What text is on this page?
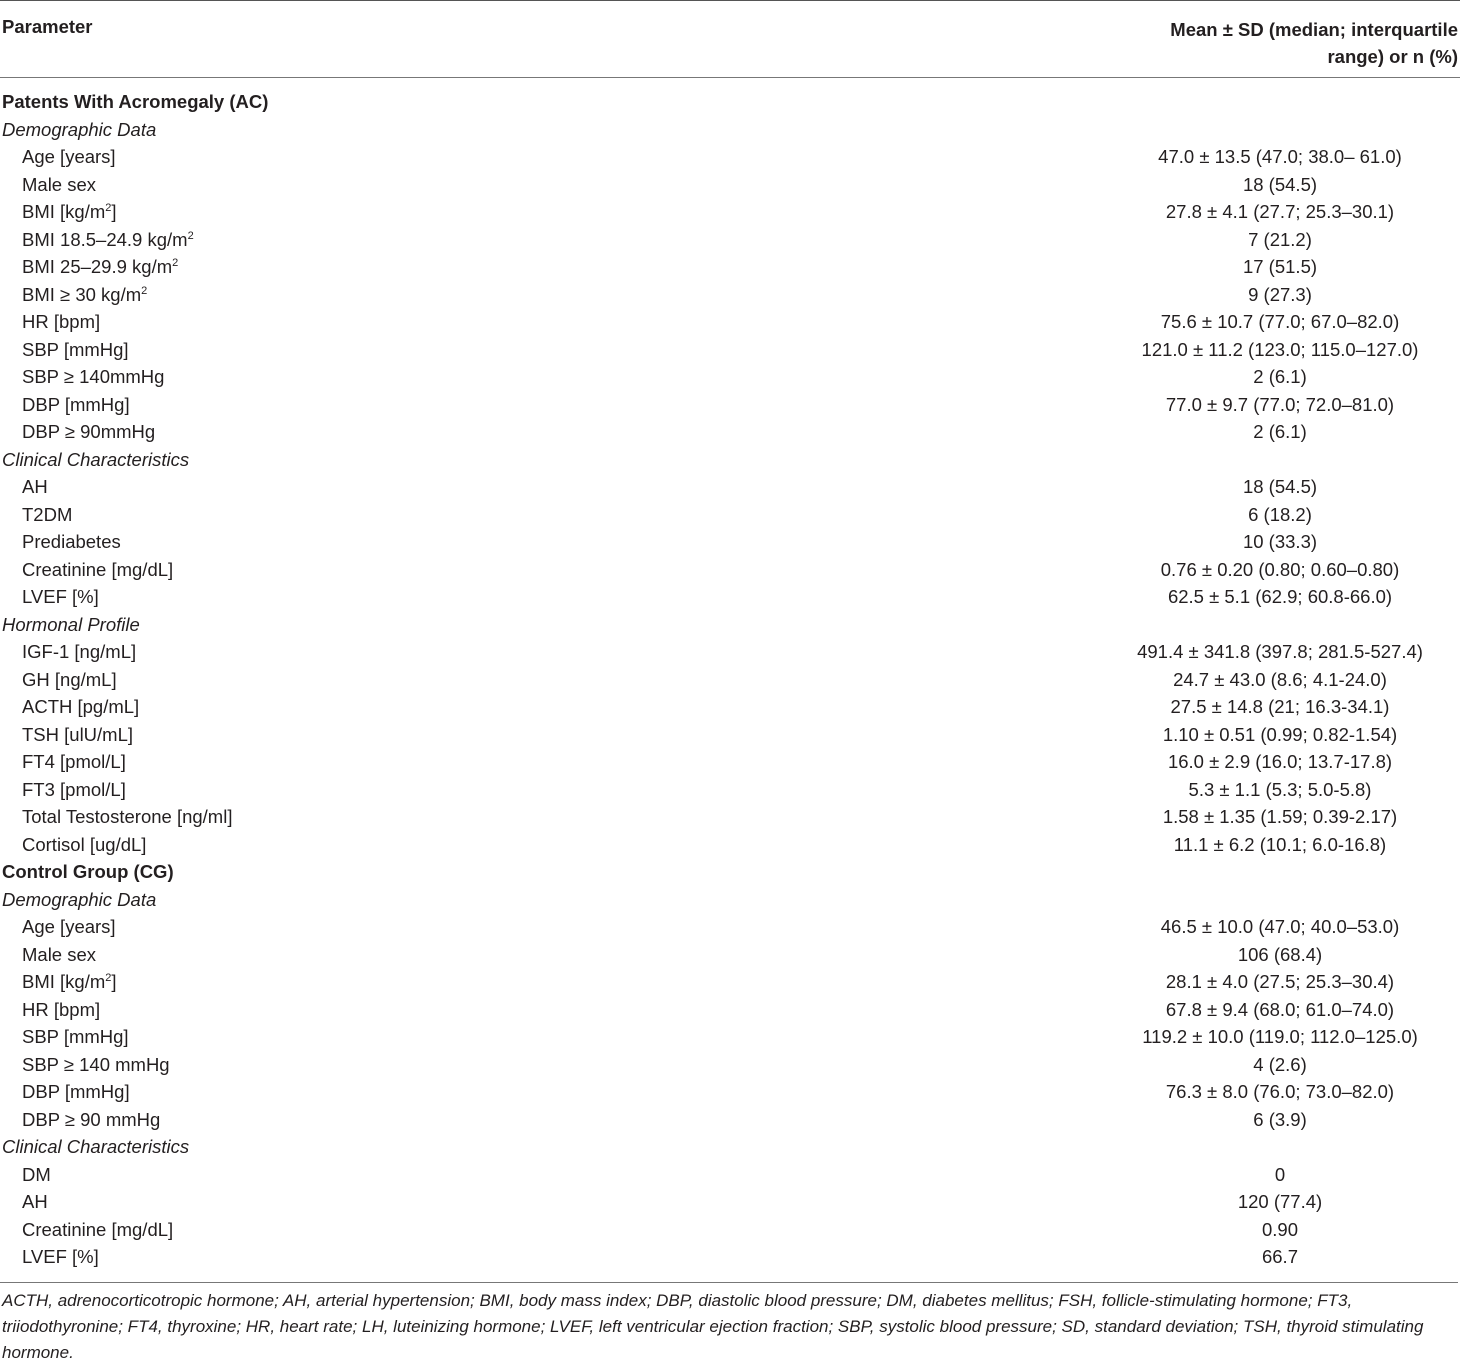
Parameter	Mean ± SD (median; interquartile
range) or n (%)

Patents With Acromegaly (AC)	
Demographic Data	
Age [years]	47.0 ± 13.5 (47.0; 38.0– 61.0)
Male sex	18 (54.5)
BMI $[kg/m^2]$	27.8 ± 4.1 (27.7; 25.3–30.1)
BMI 18.5–24.9 $kg/m^2$	7 (21.2)
BMI 25–29.9 $kg/m^2$	17 (51.5)
BMI ≥ 30 $kg/m^2$	9 (27.3)
HR [bpm]	75.6 ± 10.7 (77.0; 67.0–82.0)
SBP [mmHg]	121.0 ± 11.2 (123.0; 115.0–127.0)
SBP ≥ 140mmHg	2 (6.1)
DBP [mmHg]	77.0 ± 9.7 (77.0; 72.0–81.0)
DBP ≥ 90mmHg	2 (6.1)
Clinical Characteristics	
AH	18 (54.5)
T2DM	6 (18.2)
Prediabetes	10 (33.3)
Creatinine [mg/dL]	0.76 ± 0.20 (0.80; 0.60–0.80)
LVEF [%]	62.5 ± 5.1 (62.9; 60.8-66.0)
Hormonal Profile	
IGF-1 [ng/mL]	491.4 ± 341.8 (397.8; 281.5-527.4)
GH [ng/mL]	24.7 ± 43.0 (8.6; 4.1-24.0)
ACTH [pg/mL]	27.5 ± 14.8 (21; 16.3-34.1)
TSH [ulU/mL]	1.10 ± 0.51 (0.99; 0.82-1.54)
FT4 [pmol/L]	16.0 ± 2.9 (16.0; 13.7-17.8)
FT3 [pmol/L]	5.3 ± 1.1 (5.3; 5.0-5.8)
Total Testosterone [ng/ml]	1.58 ± 1.35 (1.59; 0.39-2.17)
Cortisol [ug/dL]	11.1 ± 6.2 (10.1; 6.0-16.8)
Control Group (CG)	
Demographic Data	
Age [years]	46.5 ± 10.0 (47.0; 40.0–53.0)
Male sex	106 (68.4)
BMI $[kg/m^2]$	28.1 ± 4.0 (27.5; 25.3–30.4)
HR [bpm]	67.8 ± 9.4 (68.0; 61.0–74.0)
SBP [mmHg]	119.2 ± 10.0 (119.0; 112.0–125.0)
SBP ≥ 140 mmHg	4 (2.6)
DBP [mmHg]	76.3 ± 8.0 (76.0; 73.0–82.0)
DBP ≥ 90 mmHg	6 (3.9)
Clinical Characteristics	
DM	0
AH	120 (77.4)
Creatinine [mg/dL]	0.90
LVEF [%]	66.7
ACTH, adrenocorticotropic hormone; AH, arterial hypertension; BMI, body mass index; DBP, diastolic blood pressure; DM, diabetes mellitus; FSH, follicle-stimulating hormone; FT3, triiodothyronine; FT4, thyroxine; HR, heart rate; LH, luteinizing hormone; LVEF, left ventricular ejection fraction; SBP, systolic blood pressure; SD, standard deviation; TSH, thyroid stimulating hormone.
